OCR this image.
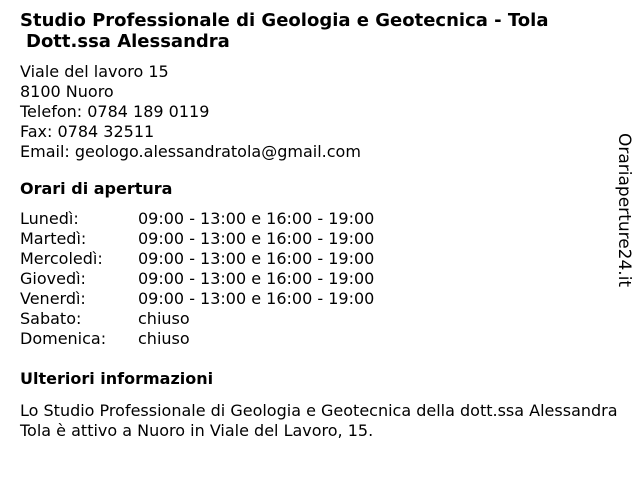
Studio Professionale di Geologia e Geotecnica - Tola
Dott.ssa Alessandra
Viale del lavoro 15
8100 Nuoro
Telefon: 0784 189 0119
Fax: 0784 32511
Email: geologo.alessandratola@gmail.com
Orari di apertura
Lunedì:	09:00 - 13:00 e 16:00 - 19:00
Martedì:	09:00 - 13:00 e 16:00 - 19:00
Mercoledì:	09:00 - 13:00 e 16:00 - 19:00
Giovedì:	09:00 - 13:00 e 16:00 - 19:00
Venerdì:	09:00 - 13:00 e 16:00 - 19:00
Sabato:	chiuso
Domenica:	chiuso
Ulteriori informazioni
Lo Studio Professionale di Geologia e Geotecnica della dott.ssa Alessandra Tola è attivo a Nuoro in Viale del Lavoro, 15.
Orariaperture24.it
